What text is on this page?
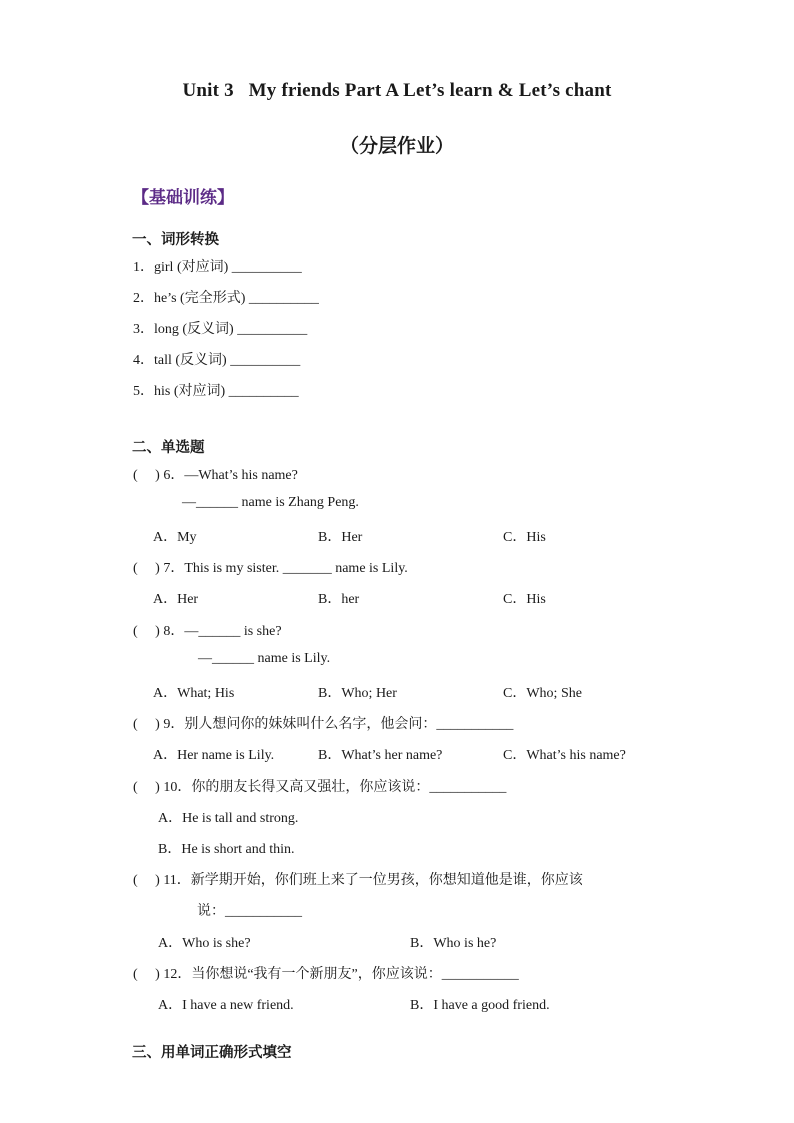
Unit 3   My friends Part A Let’s learn & Let’s chant
（分层作业）
【基础训练】
一、词形转换
1．girl (对应词) __________
2．he’s (完全形式) __________
3．long (反义词) __________
4．tall (反义词) __________
5．his (对应词) __________
二、单选题
(     ) 6．—What’s his name?
—______ name is Zhang Peng.
A．My	B．Her	C．His
(     ) 7．This is my sister. _______ name is Lily.
A．Her	B．her	C．His
(     ) 8．—______ is she?
—______ name is Lily.
A．What; His	B．Who; Her	C．Who; She
(     ) 9．别人想问你的妹妹叫什么名字，他会问：___________
A．Her name is Lily.	B．What’s her name?	C．What’s his name?
(     ) 10．你的朋友长得又高又强壮，你应该说：___________
A．He is tall and strong.
B．He is short and thin.
(     ) 11．新学期开始，你们班上来了一位男孩，你想知道他是谁，你应该
说：___________
A．Who is she?	B．Who is he?
(     ) 12．当你想说“我有一个新朋友”，你应该说：___________
A．I have a new friend.	B．I have a good friend.
三、用单词正确形式填空
